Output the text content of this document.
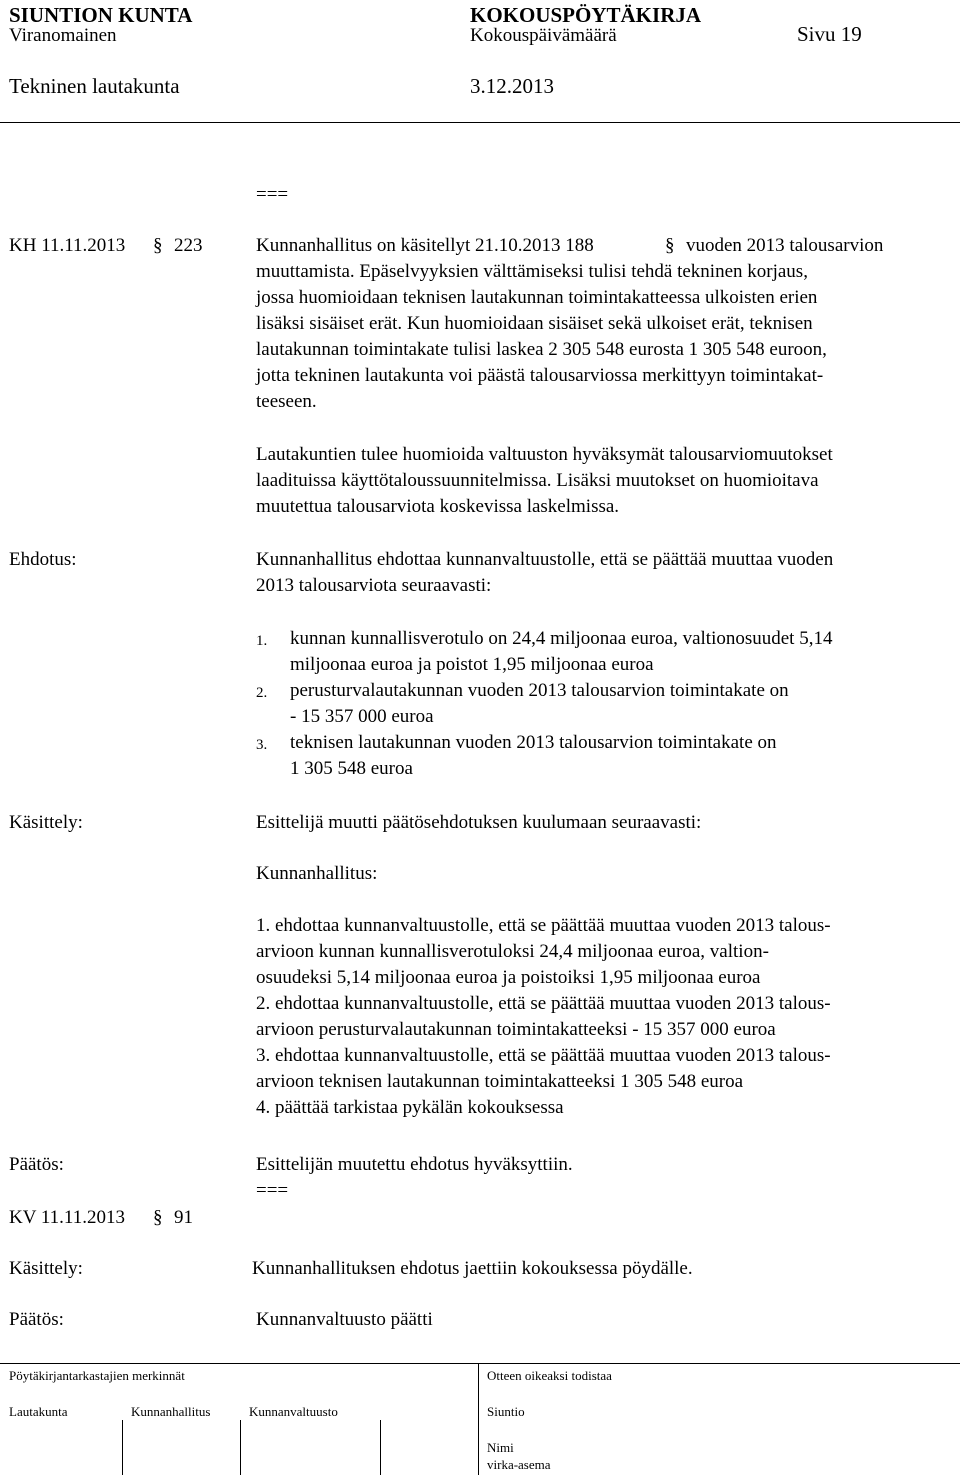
SIUNTION KUNTA	KOKOUSPÖYTÄKIRJA
Viranomainen	Kokouspäivämäärä	Sivu 19
Tekninen lautakunta	3.12.2013
===
KH 11.11.2013 § 223	Kunnanhallitus on käsitellyt 21.10.2013 188	§ vuoden 2013 talousarvion
muuttamista. Epäselvyyksien välttämiseksi tulisi tehdä tekninen korjaus,
jossa huomioidaan teknisen lautakunnan toimintakatteessa ulkoisten erien
lisäksi sisäiset erät. Kun huomioidaan sisäiset sekä ulkoiset erät, teknisen
lautakunnan toimintakate tulisi laskea 2 305 548 eurosta 1 305 548 euroon,
jotta tekninen lautakunta voi päästä talousarviossa merkittyyn toimintakat-
teeseen.
Lautakuntien tulee huomioida valtuuston hyväksymät talousarviomuutokset
laadituissa käyttötaloussuunnitelmissa. Lisäksi muutokset on huomioitava
muutettua talousarviota koskevissa laskelmissa.
Ehdotus:	Kunnanhallitus ehdottaa kunnanvaltuustolle, että se päättää muuttaa vuoden
2013 talousarviota seuraavasti:
1. kunnan kunnallisverotulo on 24,4 miljoonaa euroa, valtionosuudet 5,14
miljoonaa euroa ja poistot 1,95 miljoonaa euroa
2. perusturvalautakunnan vuoden 2013 talousarvion toimintakate on
- 15 357 000 euroa
3. teknisen lautakunnan vuoden 2013 talousarvion toimintakate on
1 305 548 euroa
Käsittely:	Esittelijä muutti päätösehdotuksen kuulumaan seuraavasti:
Kunnanhallitus:
1. ehdottaa kunnanvaltuustolle, että se päättää muuttaa vuoden 2013 talous-
arvioon kunnan kunnallisverotuloksi 24,4 miljoonaa euroa, valtion-
osuudeksi 5,14 miljoonaa euroa ja poistoiksi 1,95 miljoonaa euroa
2. ehdottaa kunnanvaltuustolle, että se päättää muuttaa vuoden 2013 talous-
arvioon perusturvalautakunnan toimintakatteeksi - 15 357 000 euroa
3. ehdottaa kunnanvaltuustolle, että se päättää muuttaa vuoden 2013 talous-
arvioon teknisen lautakunnan toimintakatteeksi 1 305 548 euroa
4. päättää tarkistaa pykälän kokouksessa
Päätös:	Esittelijän muutettu ehdotus hyväksyttiin.
===
KV 11.11.2013 § 91
Käsittely:	Kunnanhallituksen ehdotus jaettiin kokouksessa pöydälle.
Päätös:	Kunnanvaltuusto päätti
Pöytäkirjantarkastajien merkinnät	Otteen oikeaksi todistaa
Lautakunta	Kunnanhallitus	Kunnanvaltuusto	Siuntio
Nimi
virka-asema
